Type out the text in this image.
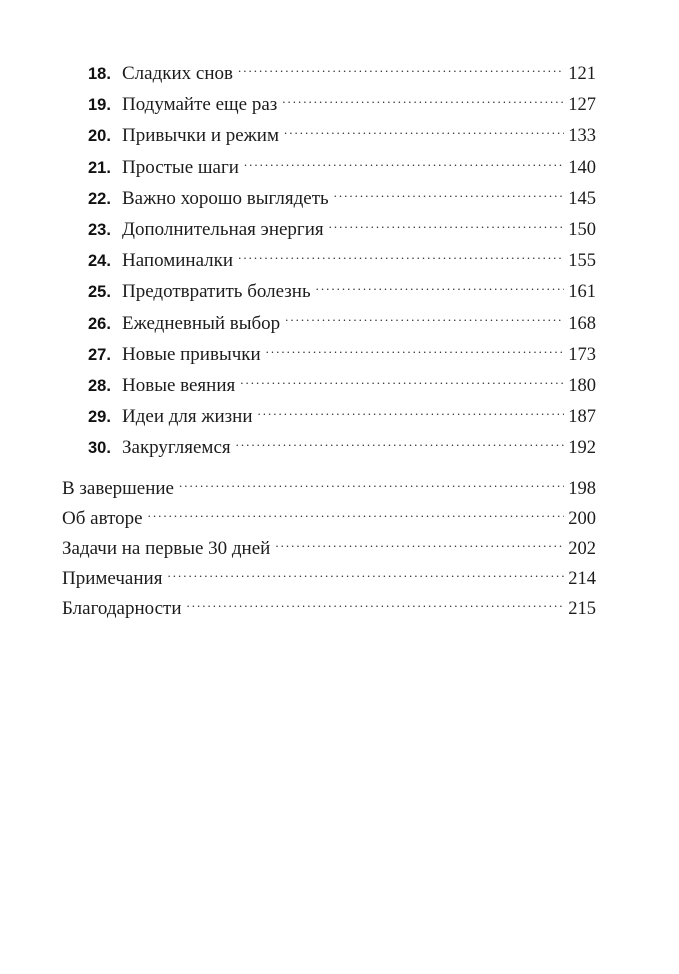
18. Сладких снов .....	121
19. Подумайте еще раз .....	127
20. Привычки и режим .....	133
21. Простые шаги .....	140
22. Важно хорошо выглядеть .....	145
23. Дополнительная энергия .....	150
24. Напоминалки .....	155
25. Предотвратить болезнь .....	161
26. Ежедневный выбор .....	168
27. Новые привычки .....	173
28. Новые веяния .....	180
29. Идеи для жизни .....	187
30. Закругляемся .....	192
В завершение .....	198
Об авторе .....	200
Задачи на первые 30 дней .....	202
Примечания .....	214
Благодарности .....	215
